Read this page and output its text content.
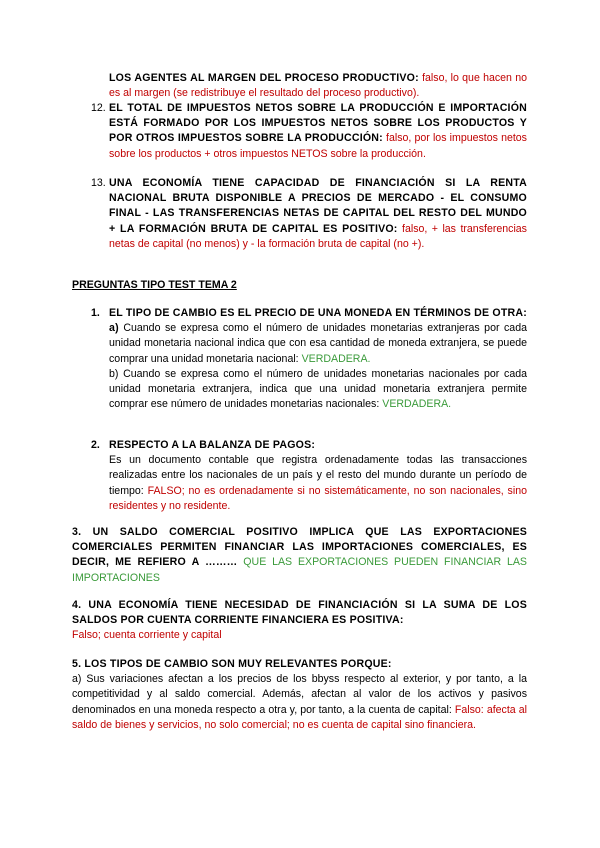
LOS AGENTES AL MARGEN DEL PROCESO PRODUCTIVO: falso, lo que hacen no es al margen (se redistribuye el resultado del proceso productivo).
12. EL TOTAL DE IMPUESTOS NETOS SOBRE LA PRODUCCIÓN E IMPORTACIÓN ESTÁ FORMADO POR LOS IMPUESTOS NETOS SOBRE LOS PRODUCTOS Y POR OTROS IMPUESTOS SOBRE LA PRODUCCIÓN: falso, por los impuestos netos sobre los productos + otros impuestos NETOS sobre la producción.
13. UNA ECONOMÍA TIENE CAPACIDAD DE FINANCIACIÓN SI LA RENTA NACIONAL BRUTA DISPONIBLE A PRECIOS DE MERCADO - EL CONSUMO FINAL - LAS TRANSFERENCIAS NETAS DE CAPITAL DEL RESTO DEL MUNDO + LA FORMACIÓN BRUTA DE CAPITAL ES POSITIVO: falso, + las transferencias netas de capital (no menos) y - la formación bruta de capital (no +).
PREGUNTAS TIPO TEST TEMA 2
1. EL TIPO DE CAMBIO ES EL PRECIO DE UNA MONEDA EN TÉRMINOS DE OTRA:

a) Cuando se expresa como el número de unidades monetarias extranjeras por cada unidad monetaria nacional indica que con esa cantidad de moneda extranjera, se puede comprar una unidad monetaria nacional: VERDADERA.

b) Cuando se expresa como el número de unidades monetarias nacionales por cada unidad monetaria extranjera, indica que una unidad monetaria extranjera permite comprar ese número de unidades monetarias nacionales: VERDADERA.

2. RESPECTO A LA BALANZA DE PAGOS:

Es un documento contable que registra ordenadamente todas las transacciones realizadas entre los nacionales de un país y el resto del mundo durante un período de tiempo: FALSO; no es ordenadamente si no sistemáticamente, no son nacionales, sino residentes y no residente.

3. UN SALDO COMERCIAL POSITIVO IMPLICA QUE LAS EXPORTACIONES COMERCIALES PERMITEN FINANCIAR LAS IMPORTACIONES COMERCIALES, ES DECIR, ME REFIERO A ……… QUE LAS EXPORTACIONES PUEDEN FINANCIAR LAS IMPORTACIONES

4. UNA ECONOMÍA TIENE NECESIDAD DE FINANCIACIÓN SI LA SUMA DE LOS SALDOS POR CUENTA CORRIENTE FINANCIERA ES POSITIVA:

Falso; cuenta corriente y capital

5. LOS TIPOS DE CAMBIO SON MUY RELEVANTES PORQUE:

a) Sus variaciones afectan a los precios de los bbyss respecto al exterior, y por tanto, a la competitividad y al saldo comercial. Además, afectan al valor de los activos y pasivos denominados en una moneda respecto a otra y, por tanto, a la cuenta de capital: Falso: afecta al saldo de bienes y servicios, no solo comercial; no es cuenta de capital sino financiera.
